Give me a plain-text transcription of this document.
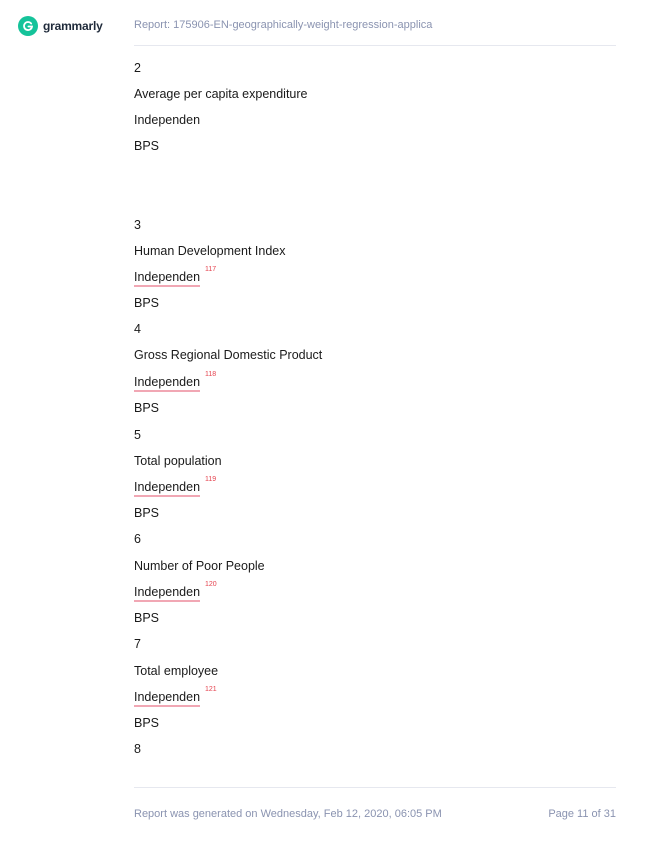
grammarly	Report: 175906-EN-geographically-weight-regression-applica
2
Average per capita expenditure
Independen
BPS
3
Human Development Index
Independen
117
BPS
4
Gross Regional Domestic Product
Independen
118
BPS
5
Total population
Independen
119
BPS
6
Number of Poor People
Independen
120
BPS
7
Total employee
Independen
121
BPS
8
Report was generated on Wednesday, Feb 12, 2020, 06:05 PM	Page 11 of 31
